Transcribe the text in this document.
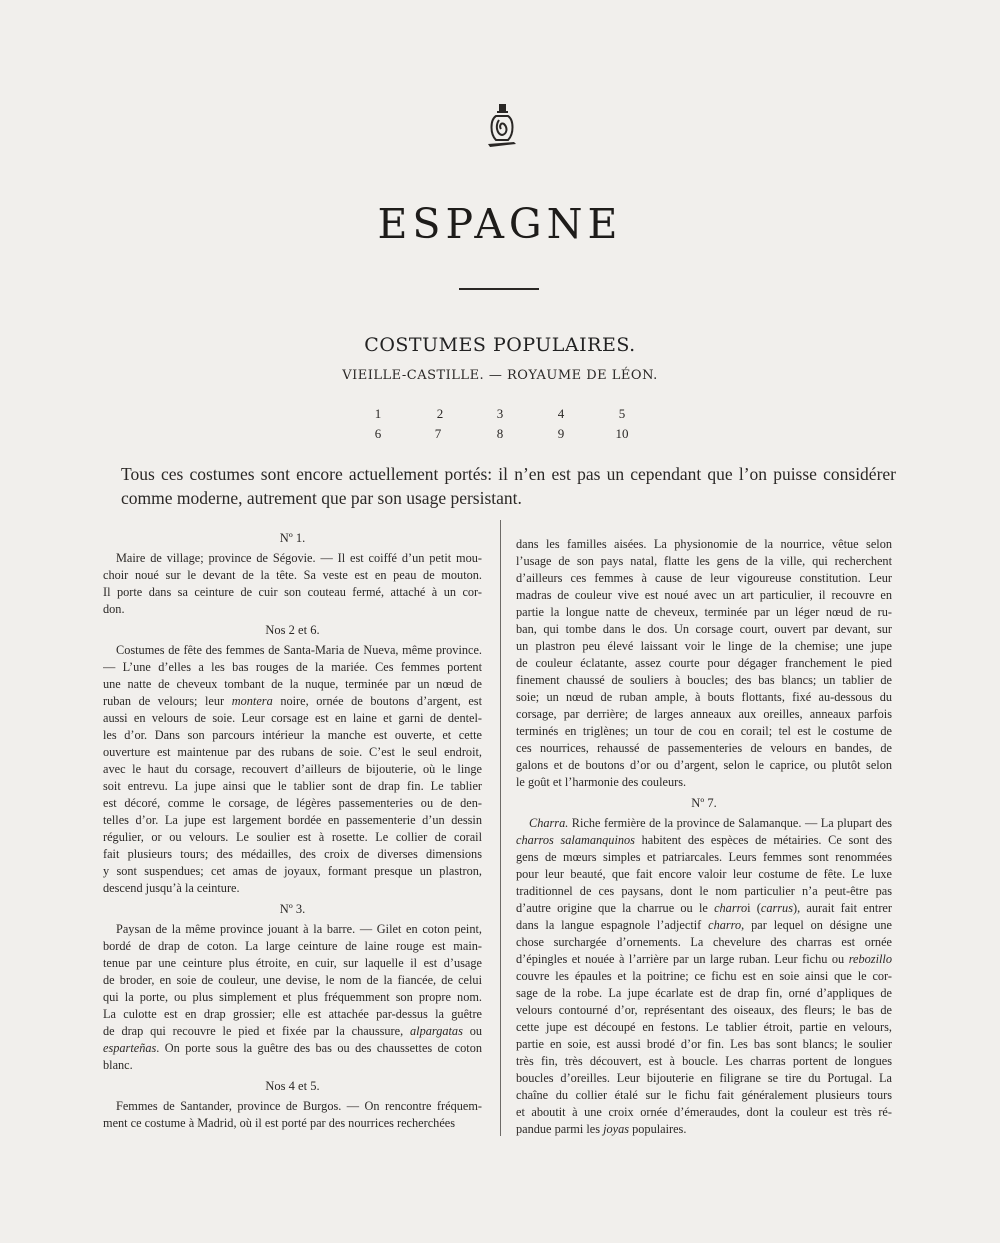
ESPAGNE
COSTUMES POPULAIRES.
VIEILLE-CASTILLE. — ROYAUME DE LÉON.
1	2	3	4	5
6	7	8	9	10
Tous ces costumes sont encore actuellement portés: il n’en est pas un cependant que l’on puisse considérer
comme moderne, autrement que par son usage persistant.
Nº 1.
Maire de village; province de Ségovie. — Il est coiffé d’un petit mou-
choir noué sur le devant de la tête. Sa veste est en peau de mouton.
Il porte dans sa ceinture de cuir son couteau fermé, attaché à un cor-
don.
Nos 2 et 6.
Costumes de fête des femmes de Santa-Maria de Nueva, même province.
— L’une d’elles a les bas rouges de la mariée. Ces femmes portent
une natte de cheveux tombant de la nuque, terminée par un nœud de
ruban de velours; leur montera noire, ornée de boutons d’argent, est
aussi en velours de soie. Leur corsage est en laine et garni de dentel-
les d’or. Dans son parcours intérieur la manche est ouverte, et cette
ouverture est maintenue par des rubans de soie. C’est le seul endroit,
avec le haut du corsage, recouvert d’ailleurs de bijouterie, où le linge
soit entrevu. La jupe ainsi que le tablier sont de drap fin. Le tablier
est décoré, comme le corsage, de légères passementeries ou de den-
telles d’or. La jupe est largement bordée en passementerie d’un dessin
régulier, or ou velours. Le soulier est à rosette. Le collier de corail
fait plusieurs tours; des médailles, des croix de diverses dimensions
y sont suspendues; cet amas de joyaux, formant presque un plastron,
descend jusqu’à la ceinture.
Nº 3.
Paysan de la même province jouant à la barre. — Gilet en coton peint,
bordé de drap de coton. La large ceinture de laine rouge est main-
tenue par une ceinture plus étroite, en cuir, sur laquelle il est d’usage
de broder, en soie de couleur, une devise, le nom de la fiancée, de celui
qui la porte, ou plus simplement et plus fréquemment son propre nom.
La culotte est en drap grossier; elle est attachée par-dessus la guêtre
de drap qui recouvre le pied et fixée par la chaussure, alpargatas ou
esparteñas. On porte sous la guêtre des bas ou des chaussettes de coton
blanc.
Nos 4 et 5.
Femmes de Santander, province de Burgos. — On rencontre fréquem-
ment ce costume à Madrid, où il est porté par des nourrices recherchées
dans les familles aisées. La physionomie de la nourrice, vêtue selon
l’usage de son pays natal, flatte les gens de la ville, qui recherchent
d’ailleurs ces femmes à cause de leur vigoureuse constitution. Leur
madras de couleur vive est noué avec un art particulier, il recouvre en
partie la longue natte de cheveux, terminée par un léger nœud de ru-
ban, qui tombe dans le dos. Un corsage court, ouvert par devant, sur
un plastron peu élevé laissant voir le linge de la chemise; une jupe
de couleur éclatante, assez courte pour dégager franchement le pied
finement chaussé de souliers à boucles; des bas blancs; un tablier de
soie; un nœud de ruban ample, à bouts flottants, fixé au-dessous du
corsage, par derrière; de larges anneaux aux oreilles, anneaux parfois
terminés en triglènes; un tour de cou en corail; tel est le costume de
ces nourrices, rehaussé de passementeries de velours en bandes, de
galons et de boutons d’or ou d’argent, selon le caprice, ou plutôt selon
le goût et l’harmonie des couleurs.
Nº 7.
Charra. Riche fermière de la province de Salamanque. — La plupart des
charros salamanquinos habitent des espèces de métairies. Ce sont des
gens de mœurs simples et patriarcales. Leurs femmes sont renommées
pour leur beauté, que fait encore valoir leur costume de fête. Le luxe
traditionnel de ces paysans, dont le nom particulier n’a peut-être pas
d’autre origine que la charrue ou le charroi (carrus), aurait fait entrer
dans la langue espagnole l’adjectif charro, par lequel on désigne une
chose surchargée d’ornements. La chevelure des charras est ornée
d’épingles et nouée à l’arrière par un large ruban. Leur fichu ou rebozillo
couvre les épaules et la poitrine; ce fichu est en soie ainsi que le cor-
sage de la robe. La jupe écarlate est de drap fin, orné d’appliques de
velours contourné d’or, représentant des oiseaux, des fleurs; le bas de
cette jupe est découpé en festons. Le tablier étroit, partie en velours,
partie en soie, est aussi brodé d’or fin. Les bas sont blancs; le soulier
très fin, très découvert, est à boucle. Les charras portent de longues
boucles d’oreilles. Leur bijouterie en filigrane se tire du Portugal. La
chaîne du collier étalé sur le fichu fait généralement plusieurs tours
et aboutit à une croix ornée d’émeraudes, dont la couleur est très ré-
pandue parmi les joyas populaires.
